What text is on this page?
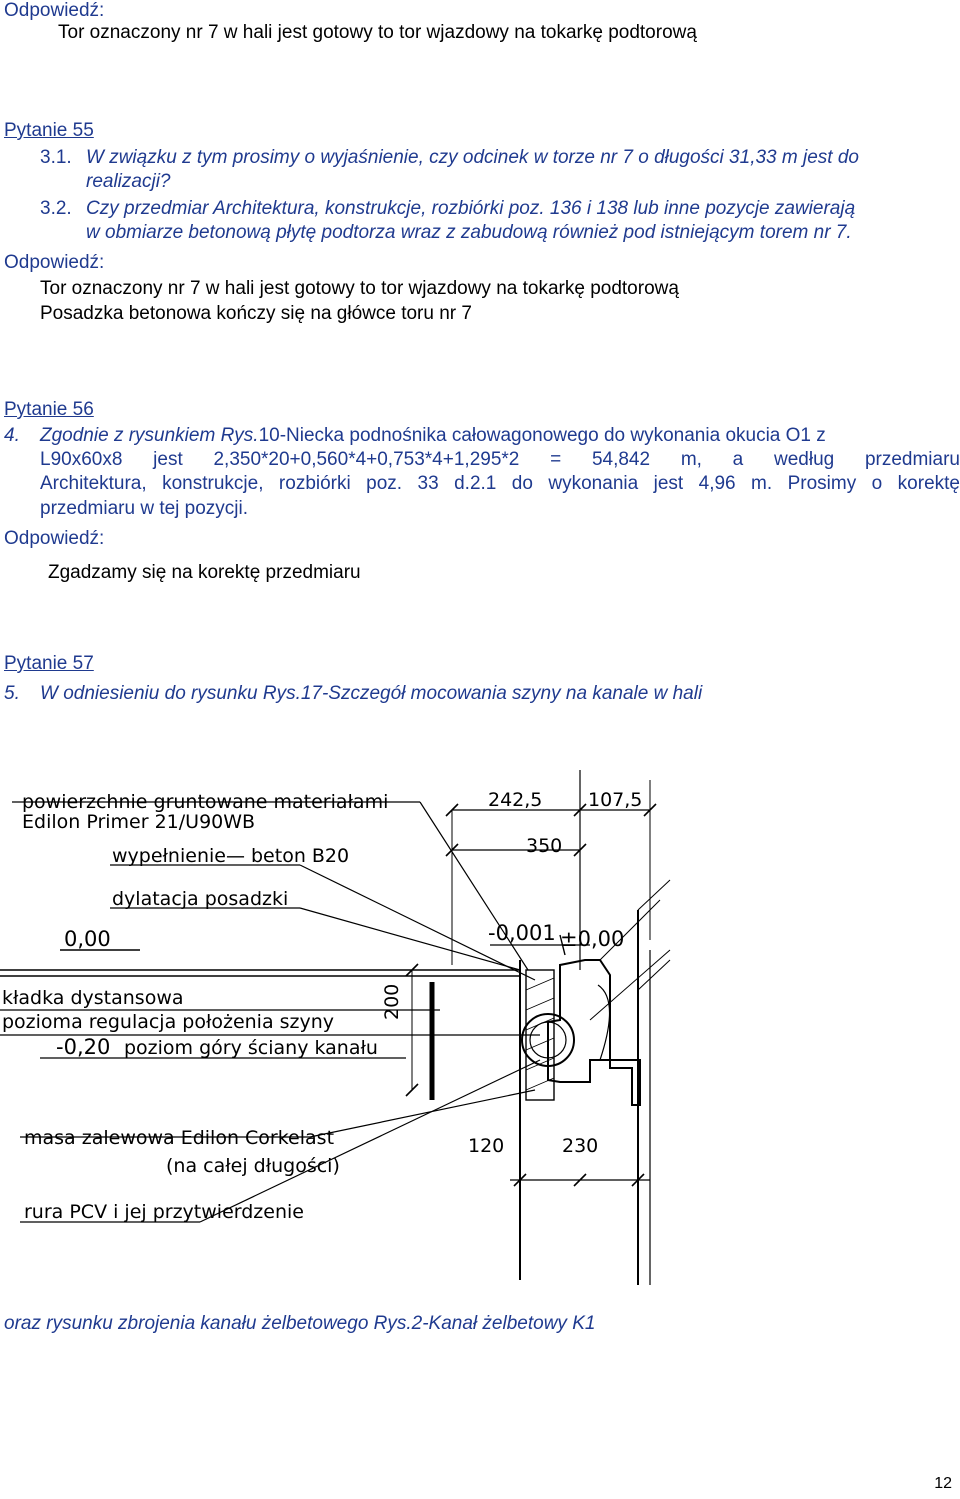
Odpowiedź:
Tor oznaczony nr 7 w hali jest gotowy to tor wjazdowy na tokarkę podtorową
Pytanie 55
3.1. W związku z tym prosimy o wyjaśnienie, czy odcinek w torze nr 7 o długości 31,33 m jest do
realizacji?
3.2. Czy przedmiar Architektura, konstrukcje, rozbiórki poz. 136 i 138 lub inne pozycje zawierają
w obmiarze betonową płytę podtorza wraz z zabudową również pod istniejącym torem nr 7.
Odpowiedź:
Tor oznaczony nr 7 w hali jest gotowy to tor wjazdowy na tokarkę podtorową
Posadzka betonowa kończy się na główce toru nr 7
Pytanie 56
4. Zgodnie z rysunkiem Rys.10-Niecka podnośnika całowagonowego do wykonania okucia O1 z
L90x60x8 jest 2,350*20+0,560*4+0,753*4+1,295*2 = 54,842 m, a według przedmiaru
Architektura, konstrukcje, rozbiórki poz. 33 d.2.1 do wykonania jest 4,96 m. Prosimy o korektę
przedmiaru w tej pozycji.
Odpowiedź:
Zgadzamy się na korektę przedmiaru
Pytanie 57
5. W odniesieniu do rysunku Rys.17-Szczegół mocowania szyny na kanale w hali
powierzchnie gruntowane materiałami
Edilon Primer 21/U90WB
wypełnienie— beton B20
dylatacja posadzki
0,00	-0,001 ±0,00
kładka dystansowa
pozioma regulacja położenia szyny
-0,20 poziom góry ściany kanału
masa zalewowa Edilon Corkelast
(na całej długości)
rura PCV i jej przytwierdzenie
242,5 107,5
350
200
120	230
oraz rysunku zbrojenia kanału żelbetowego Rys.2-Kanał żelbetowy K1
12
